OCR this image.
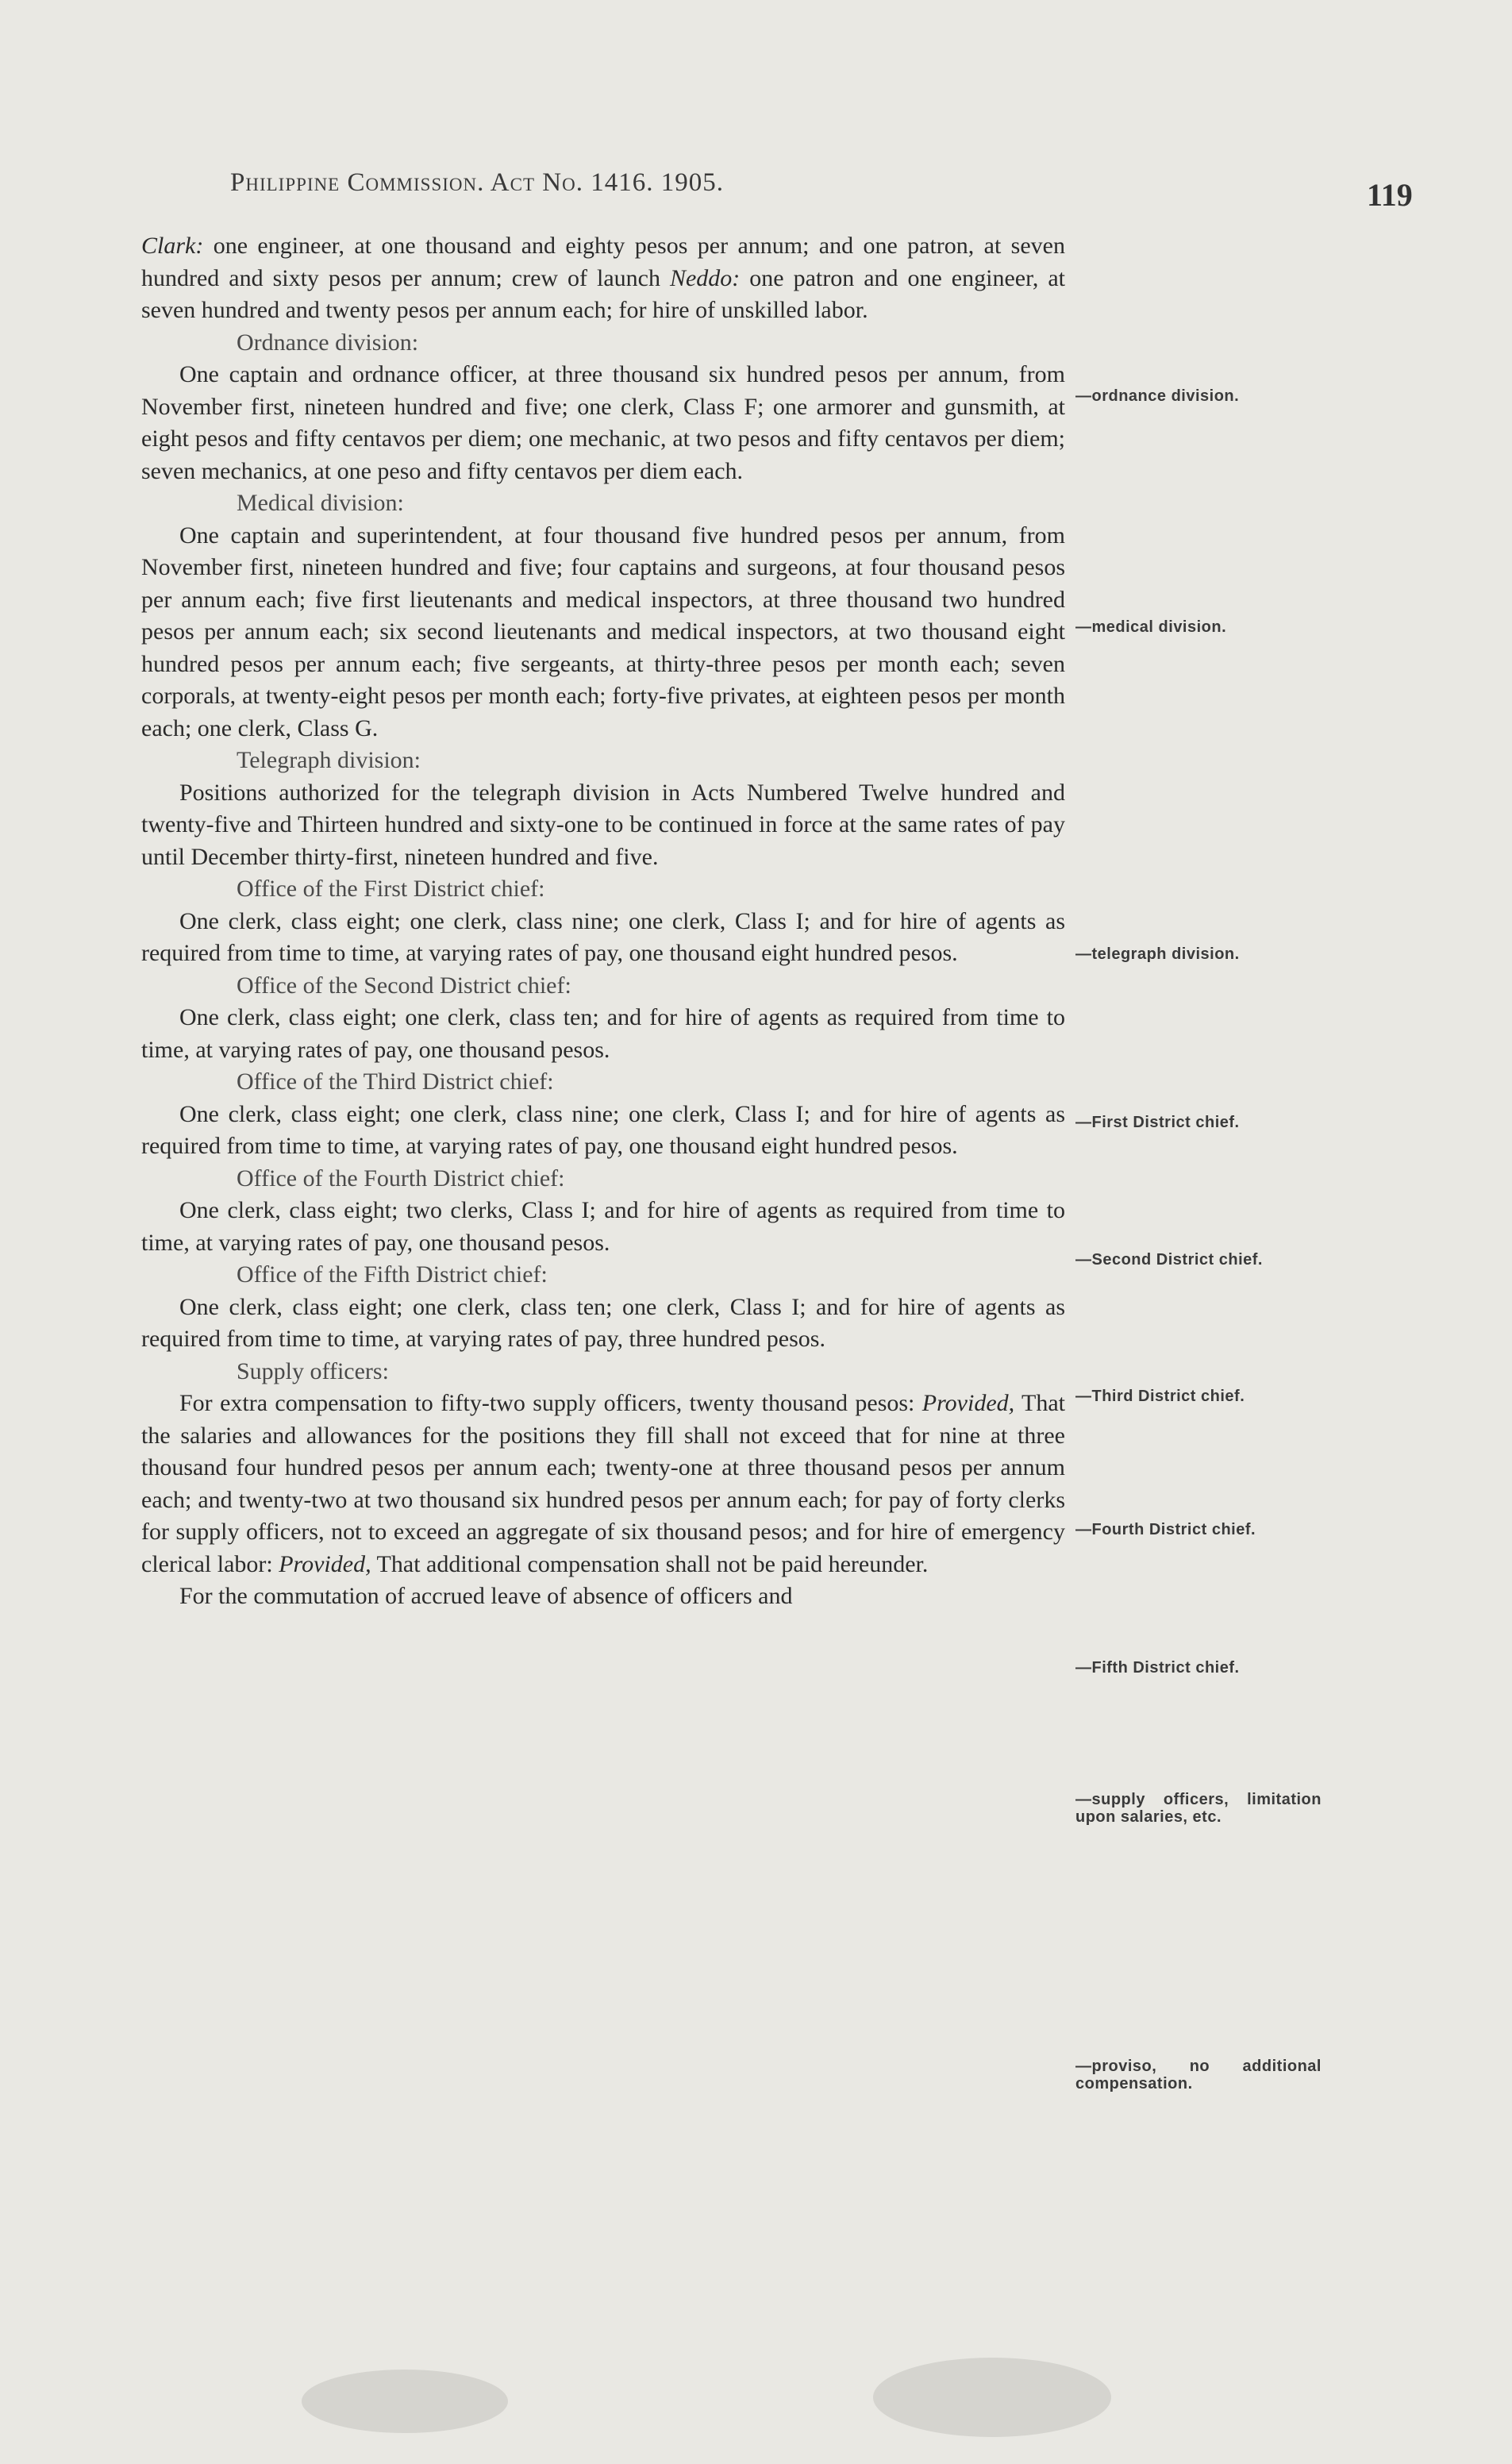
Philippine Commission. Act No. 1416. 1905.	119

Clark: one engineer, at one thousand and eighty pesos per annum; and one patron, at seven hundred and sixty pesos per annum; crew of launch Neddo: one patron and one engineer, at seven hundred and twenty pesos per annum each; for hire of unskilled labor.

Ordnance division:

One captain and ordnance officer, at three thousand six hundred pesos per annum, from November first, nineteen hundred and five; one clerk, Class F; one armorer and gunsmith, at eight pesos and fifty centavos per diem; one mechanic, at two pesos and fifty centavos per diem; seven mechanics, at one peso and fifty centavos per diem each.

Medical division:

One captain and superintendent, at four thousand five hundred pesos per annum, from November first, nineteen hundred and five; four captains and surgeons, at four thousand pesos per annum each; five first lieutenants and medical inspectors, at three thousand two hundred pesos per annum each; six second lieutenants and medical inspectors, at two thousand eight hundred pesos per annum each; five sergeants, at thirty-three pesos per month each; seven corporals, at twenty-eight pesos per month each; forty-five privates, at eighteen pesos per month each; one clerk, Class G.

Telegraph division:

Positions authorized for the telegraph division in Acts Numbered Twelve hundred and twenty-five and Thirteen hundred and sixty-one to be continued in force at the same rates of pay until December thirty-first, nineteen hundred and five.

Office of the First District chief:

One clerk, class eight; one clerk, class nine; one clerk, Class I; and for hire of agents as required from time to time, at varying rates of pay, one thousand eight hundred pesos.

Office of the Second District chief:

One clerk, class eight; one clerk, class ten; and for hire of agents as required from time to time, at varying rates of pay, one thousand pesos.

Office of the Third District chief:

One clerk, class eight; one clerk, class nine; one clerk, Class I; and for hire of agents as required from time to time, at varying rates of pay, one thousand eight hundred pesos.

Office of the Fourth District chief:

One clerk, class eight; two clerks, Class I; and for hire of agents as required from time to time, at varying rates of pay, one thousand pesos.

Office of the Fifth District chief:

One clerk, class eight; one clerk, class ten; one clerk, Class I; and for hire of agents as required from time to time, at varying rates of pay, three hundred pesos.

Supply officers:

For extra compensation to fifty-two supply officers, twenty thousand pesos: Provided, That the salaries and allowances for the positions they fill shall not exceed that for nine at three thousand four hundred pesos per annum each; twenty-one at three thousand pesos per annum each; and twenty-two at two thousand six hundred pesos per annum each; for pay of forty clerks for supply officers, not to exceed an aggregate of six thousand pesos; and for hire of emergency clerical labor: Provided, That additional compensation shall not be paid hereunder.

For the commutation of accrued leave of absence of officers and

—ordnance division.
—medical division.
—telegraph division.
—First District chief.
—Second District chief.
—Third District chief.
—Fourth District chief.
—Fifth District chief.
—supply officers, limitation upon salaries, etc.
—proviso, no additional compensation.
